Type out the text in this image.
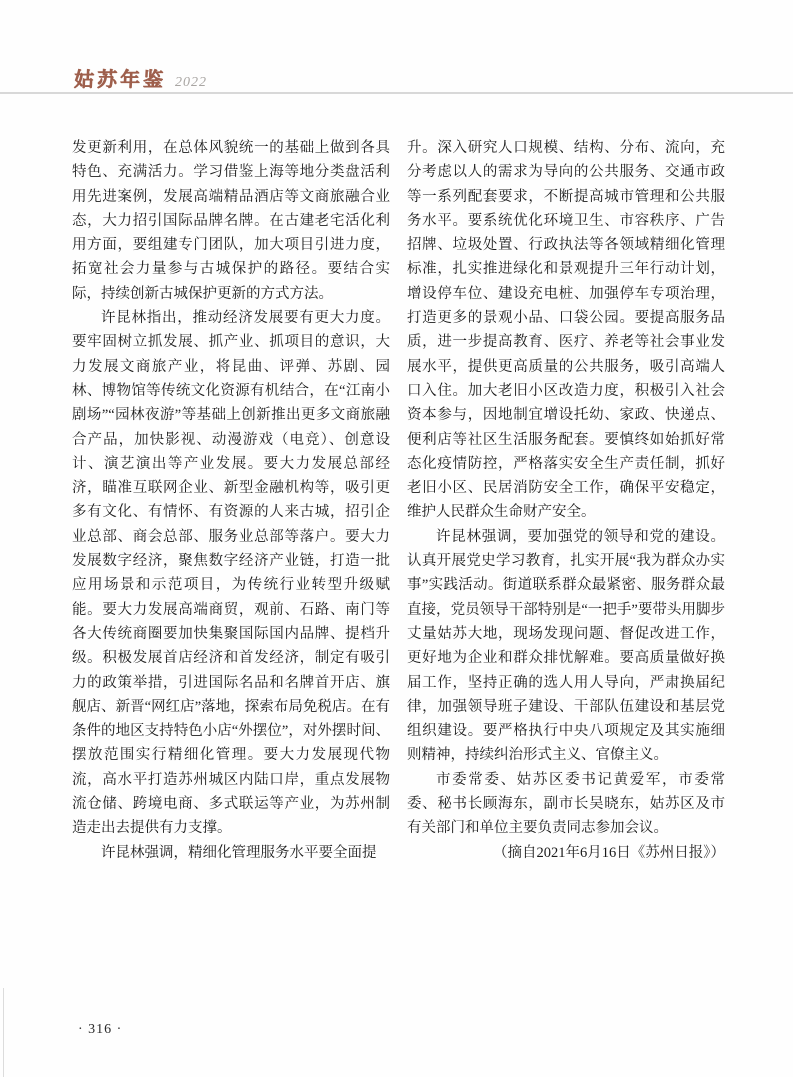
姑苏年鉴 2022

发更新利用，在总体风貌统一的基础上做到各具特色、充满活力。学习借鉴上海等地分类盘活利用先进案例，发展高端精品酒店等文商旅融合业态，大力招引国际品牌名牌。在古建老宅活化利用方面，要组建专门团队，加大项目引进力度，拓宽社会力量参与古城保护的路径。要结合实际，持续创新古城保护更新的方式方法。

许昆林指出，推动经济发展要有更大力度。要牢固树立抓发展、抓产业、抓项目的意识，大力发展文商旅产业，将昆曲、评弹、苏剧、园林、博物馆等传统文化资源有机结合，在“江南小剧场”“园林夜游”等基础上创新推出更多文商旅融合产品，加快影视、动漫游戏（电竞）、创意设计、演艺演出等产业发展。要大力发展总部经济，瞄准互联网企业、新型金融机构等，吸引更多有文化、有情怀、有资源的人来古城，招引企业总部、商会总部、服务业总部等落户。要大力发展数字经济，聚焦数字经济产业链，打造一批应用场景和示范项目，为传统行业转型升级赋能。要大力发展高端商贸，观前、石路、南门等各大传统商圈要加快集聚国际国内品牌、提档升级。积极发展首店经济和首发经济，制定有吸引力的政策举措，引进国际名品和名牌首开店、旗舰店、新晋“网红店”落地，探索布局免税店。在有条件的地区支持特色小店“外摆位”，对外摆时间、摆放范围实行精细化管理。要大力发展现代物流，高水平打造苏州城区内陆口岸，重点发展物流仓储、跨境电商、多式联运等产业，为苏州制造走出去提供有力支撑。

许昆林强调，精细化管理服务水平要全面提

升。深入研究人口规模、结构、分布、流向，充分考虑以人的需求为导向的公共服务、交通市政等一系列配套要求，不断提高城市管理和公共服务水平。要系统优化环境卫生、市容秩序、广告招牌、垃圾处置、行政执法等各领域精细化管理标准，扎实推进绿化和景观提升三年行动计划，增设停车位、建设充电桩、加强停车专项治理，打造更多的景观小品、口袋公园。要提高服务品质，进一步提高教育、医疗、养老等社会事业发展水平，提供更高质量的公共服务，吸引高端人口入住。加大老旧小区改造力度，积极引入社会资本参与，因地制宜增设托幼、家政、快递点、便利店等社区生活服务配套。要慎终如始抓好常态化疫情防控，严格落实安全生产责任制，抓好老旧小区、民居消防安全工作，确保平安稳定，维护人民群众生命财产安全。

许昆林强调，要加强党的领导和党的建设。认真开展党史学习教育，扎实开展“我为群众办实事”实践活动。街道联系群众最紧密、服务群众最直接，党员领导干部特别是“一把手”要带头用脚步丈量姑苏大地，现场发现问题、督促改进工作，更好地为企业和群众排忧解难。要高质量做好换届工作，坚持正确的选人用人导向，严肃换届纪律，加强领导班子建设、干部队伍建设和基层党组织建设。要严格执行中央八项规定及其实施细则精神，持续纠治形式主义、官僚主义。

市委常委、姑苏区委书记黄爱军，市委常委、秘书长顾海东，副市长吴晓东，姑苏区及市有关部门和单位主要负责同志参加会议。

（摘自2021年6月16日《苏州日报》）

· 316 ·
